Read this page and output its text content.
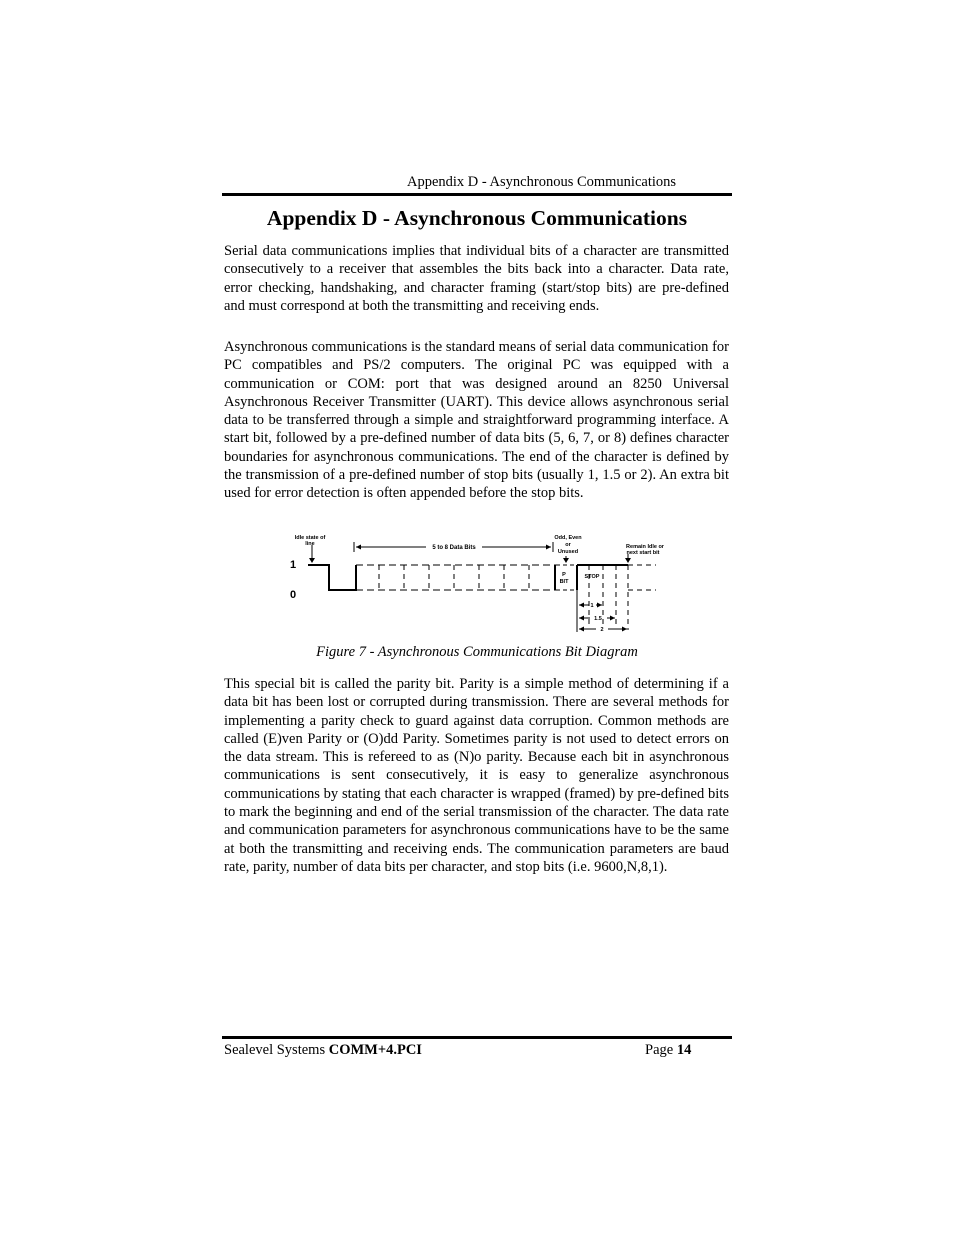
Appendix D - Asynchronous Communications
Appendix D - Asynchronous Communications

Serial data communications implies that individual bits of a character are transmitted consecutively to a receiver that assembles the bits back into a character. Data rate, error checking, handshaking, and character framing (start/stop bits) are pre-defined and must correspond at both the transmitting and receiving ends.

Asynchronous communications is the standard means of serial data communication for PC compatibles and PS/2 computers. The original PC was equipped with a communication or COM: port that was designed around an 8250 Universal Asynchronous Receiver Transmitter (UART). This device allows asynchronous serial data to be transferred through a simple and straightforward programming interface. A start bit, followed by a pre-defined number of data bits (5, 6, 7, or 8) defines character boundaries for asynchronous communications. The end of the character is defined by the transmission of a pre-defined number of stop bits (usually 1, 1.5 or 2). An extra bit used for error detection is often appended before the stop bits.

Idle state of
line
5 to 8 Data Bits
Odd, Even
or
Unused
Remain Idle or
next start bit
P
BIT
STOP
1
1.5
2
1
0
Figure 7 - Asynchronous Communications Bit Diagram

This special bit is called the parity bit. Parity is a simple method of determining if a data bit has been lost or corrupted during transmission. There are several methods for implementing a parity check to guard against data corruption. Common methods are called (E)ven Parity or (O)dd Parity. Sometimes parity is not used to detect errors on the data stream. This is refereed to as (N)o parity. Because each bit in asynchronous communications is sent consecutively, it is easy to generalize asynchronous communications by stating that each character is wrapped (framed) by pre-defined bits to mark the beginning and end of the serial transmission of the character. The data rate and communication parameters for asynchronous communications have to be the same at both the transmitting and receiving ends. The communication parameters are baud rate, parity, number of data bits per character, and stop bits (i.e. 9600,N,8,1).

Sealevel Systems COMM+4.PCI	Page 14
